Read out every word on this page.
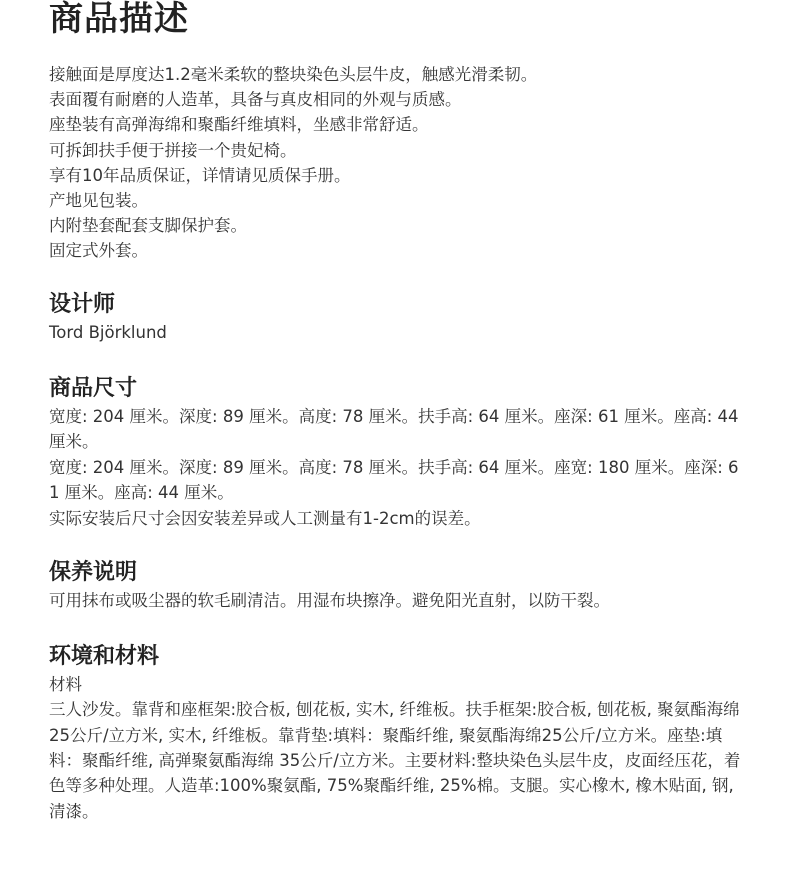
商品描述
接触面是厚度达1.2毫米柔软的整块染色头层牛皮，触感光滑柔韧。
表面覆有耐磨的人造革，具备与真皮相同的外观与质感。
座垫装有高弹海绵和聚酯纤维填料，坐感非常舒适。
可拆卸扶手便于拼接一个贵妃椅。
享有10年品质保证，详情请见质保手册。
产地见包装。
内附垫套配套支脚保护套。
固定式外套。
设计师
Tord Björklund
商品尺寸
宽度: 204 厘米。深度: 89 厘米。高度: 78 厘米。扶手高: 64 厘米。座深: 61 厘米。座高: 44 厘米。
宽度: 204 厘米。深度: 89 厘米。高度: 78 厘米。扶手高: 64 厘米。座宽: 180 厘米。座深: 61 厘米。座高: 44 厘米。
实际安装后尺寸会因安装差异或人工测量有1-2cm的误差。
保养说明
可用抹布或吸尘器的软毛刷清洁。用湿布块擦净。避免阳光直射，以防干裂。
环境和材料
材料
三人沙发。靠背和座框架:胶合板, 刨花板, 实木, 纤维板。扶手框架:胶合板, 刨花板, 聚氨酯海绵25公斤/立方米, 实木, 纤维板。靠背垫:填料：聚酯纤维, 聚氨酯海绵25公斤/立方米。座垫:填料：聚酯纤维, 高弹聚氨酯海绵 35公斤/立方米。主要材料:整块染色头层牛皮，皮面经压花，着色等多种处理。人造革:100%聚氨酯, 75%聚酯纤维, 25%棉。支腿。实心橡木, 橡木贴面, 钢, 清漆。
